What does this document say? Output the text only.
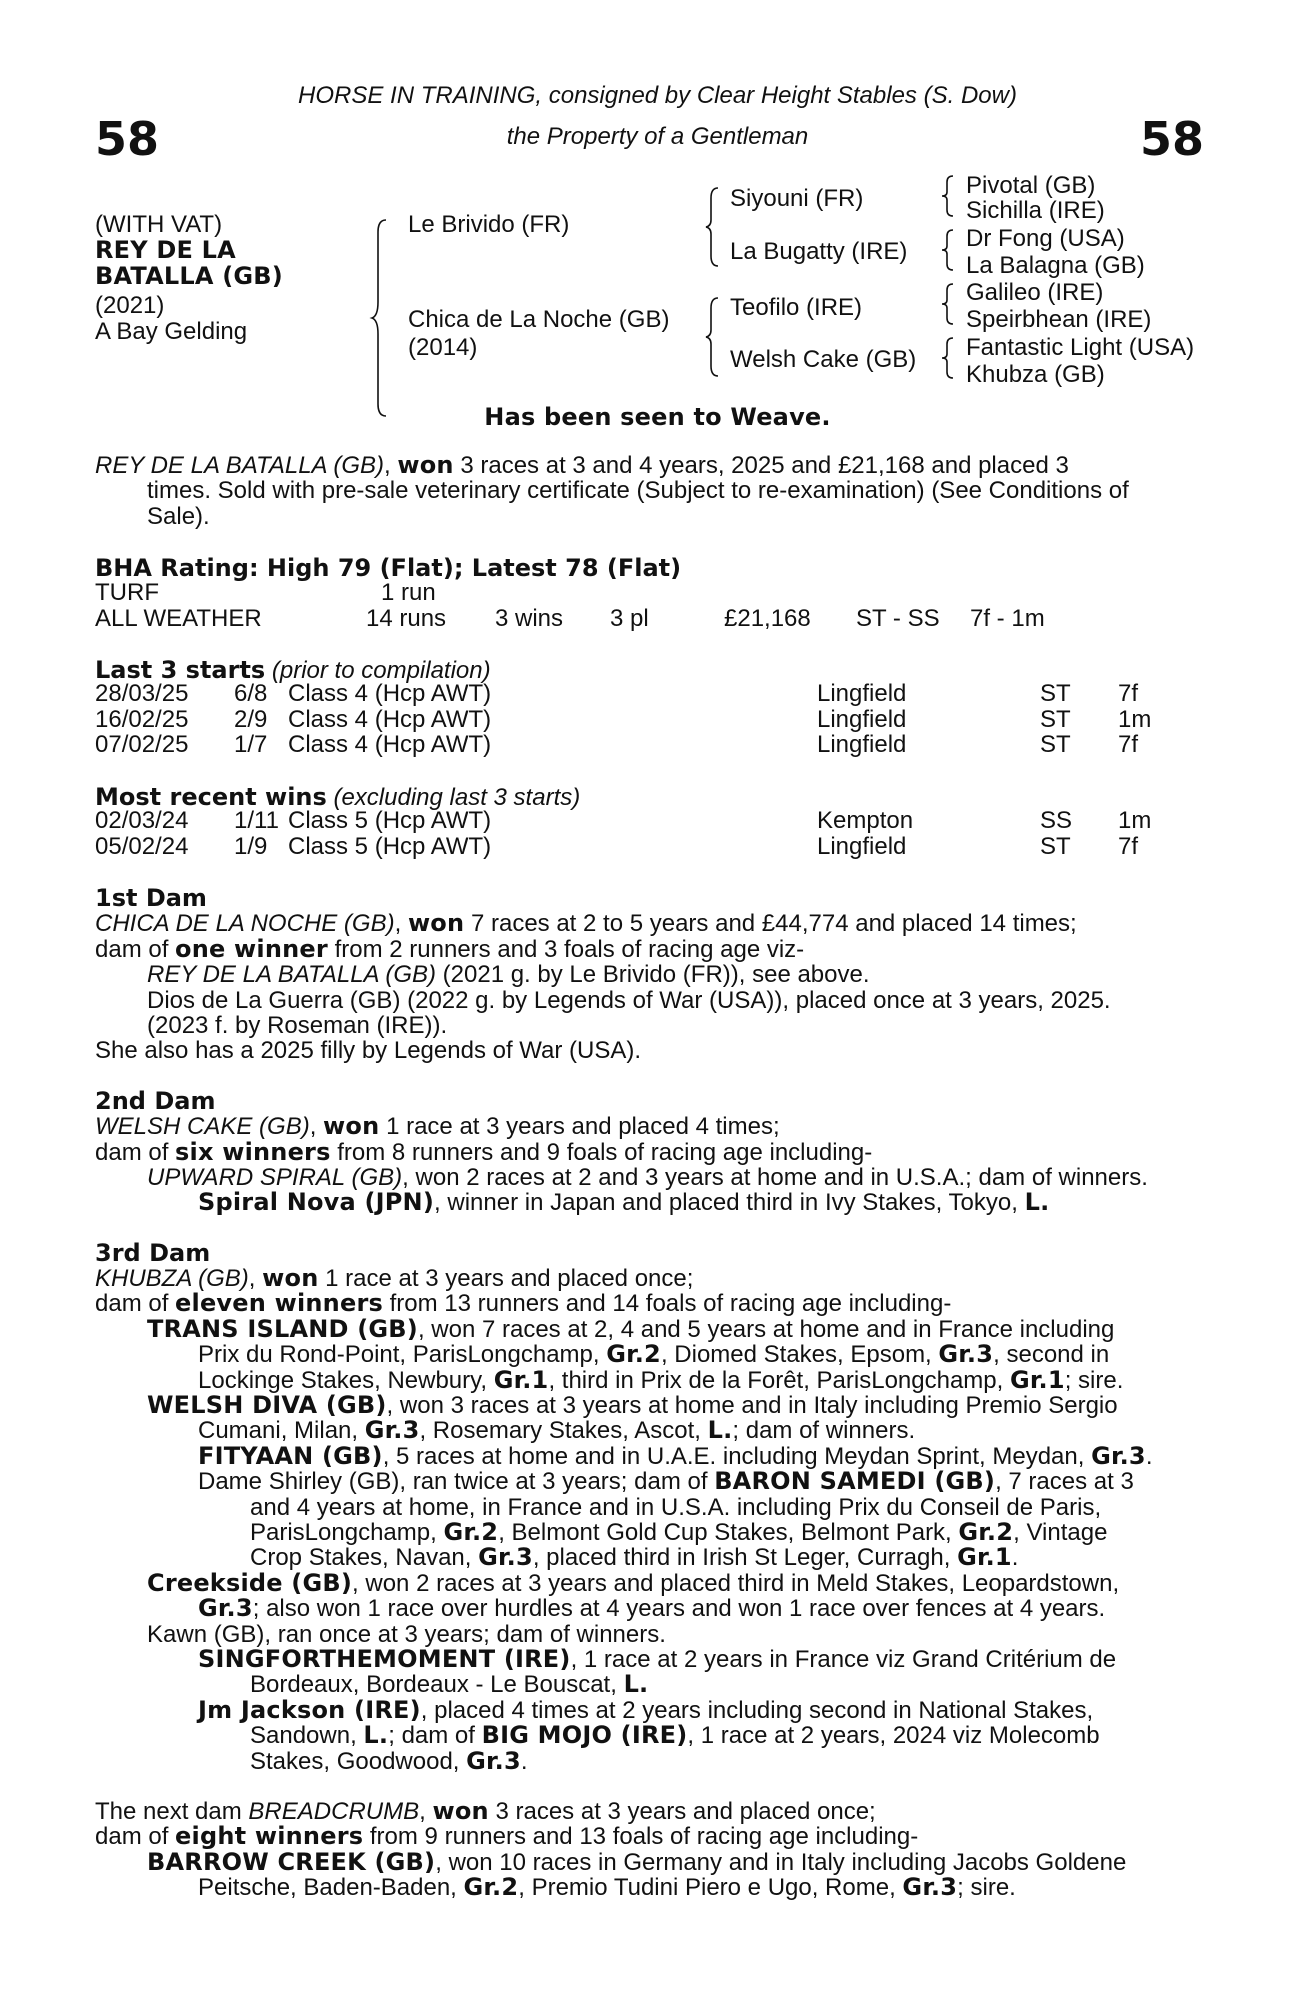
58	58
HORSE IN TRAINING, consigned by Clear Height Stables (S. Dow)
the Property of a Gentleman
(WITH VAT)
REY DE LA
BATALLA (GB)
(2021)
A Bay Gelding
Le Brivido (FR)
Chica de La Noche (GB)
(2014)
Siyouni (FR)
La Bugatty (IRE)
Teofilo (IRE)
Welsh Cake (GB)
Pivotal (GB)
Sichilla (IRE)
Dr Fong (USA)
La Balagna (GB)
Galileo (IRE)
Speirbhean (IRE)
Fantastic Light (USA)
Khubza (GB)
Has been seen to Weave.
REY DE LA BATALLA (GB), won 3 races at 3 and 4 years, 2025 and £21,168 and placed 3
times. Sold with pre-sale veterinary certificate (Subject to re-examination) (See Conditions of
Sale).
BHA Rating: High 79 (Flat); Latest 78 (Flat)
TURF	1 run
ALL WEATHER	14 runs 3 wins 3 pl	£21,168 ST - SS 7f - 1m
Last 3 starts (prior to compilation)
28/03/25 6/8 Class 4 (Hcp AWT)	Lingfield	ST 7f
16/02/25 2/9 Class 4 (Hcp AWT)	Lingfield	ST 1m
07/02/25 1/7 Class 4 (Hcp AWT)	Lingfield	ST 7f
Most recent wins (excluding last 3 starts)
02/03/24 1/11 Class 5 (Hcp AWT)	Kempton	SS 1m
05/02/24 1/9 Class 5 (Hcp AWT)	Lingfield	ST 7f
1st Dam
CHICA DE LA NOCHE (GB), won 7 races at 2 to 5 years and £44,774 and placed 14 times;
dam of one winner from 2 runners and 3 foals of racing age viz-
REY DE LA BATALLA (GB) (2021 g. by Le Brivido (FR)), see above.
Dios de La Guerra (GB) (2022 g. by Legends of War (USA)), placed once at 3 years, 2025.
(2023 f. by Roseman (IRE)).
She also has a 2025 filly by Legends of War (USA).
2nd Dam
WELSH CAKE (GB), won 1 race at 3 years and placed 4 times;
dam of six winners from 8 runners and 9 foals of racing age including-
UPWARD SPIRAL (GB), won 2 races at 2 and 3 years at home and in U.S.A.; dam of winners.
Spiral Nova (JPN), winner in Japan and placed third in Ivy Stakes, Tokyo, L.
3rd Dam
KHUBZA (GB), won 1 race at 3 years and placed once;
dam of eleven winners from 13 runners and 14 foals of racing age including-
TRANS ISLAND (GB), won 7 races at 2, 4 and 5 years at home and in France including
Prix du Rond-Point, ParisLongchamp, Gr.2, Diomed Stakes, Epsom, Gr.3, second in
Lockinge Stakes, Newbury, Gr.1, third in Prix de la Forêt, ParisLongchamp, Gr.1; sire.
WELSH DIVA (GB), won 3 races at 3 years at home and in Italy including Premio Sergio
Cumani, Milan, Gr.3, Rosemary Stakes, Ascot, L.; dam of winners.
FITYAAN (GB), 5 races at home and in U.A.E. including Meydan Sprint, Meydan, Gr.3.
Dame Shirley (GB), ran twice at 3 years; dam of BARON SAMEDI (GB), 7 races at 3
and 4 years at home, in France and in U.S.A. including Prix du Conseil de Paris,
ParisLongchamp, Gr.2, Belmont Gold Cup Stakes, Belmont Park, Gr.2, Vintage
Crop Stakes, Navan, Gr.3, placed third in Irish St Leger, Curragh, Gr.1.
Creekside (GB), won 2 races at 3 years and placed third in Meld Stakes, Leopardstown,
Gr.3; also won 1 race over hurdles at 4 years and won 1 race over fences at 4 years.
Kawn (GB), ran once at 3 years; dam of winners.
SINGFORTHEMOMENT (IRE), 1 race at 2 years in France viz Grand Critérium de
Bordeaux, Bordeaux - Le Bouscat, L.
Jm Jackson (IRE), placed 4 times at 2 years including second in National Stakes,
Sandown, L.; dam of BIG MOJO (IRE), 1 race at 2 years, 2024 viz Molecomb
Stakes, Goodwood, Gr.3.
The next dam BREADCRUMB, won 3 races at 3 years and placed once;
dam of eight winners from 9 runners and 13 foals of racing age including-
BARROW CREEK (GB), won 10 races in Germany and in Italy including Jacobs Goldene
Peitsche, Baden-Baden, Gr.2, Premio Tudini Piero e Ugo, Rome, Gr.3; sire.
